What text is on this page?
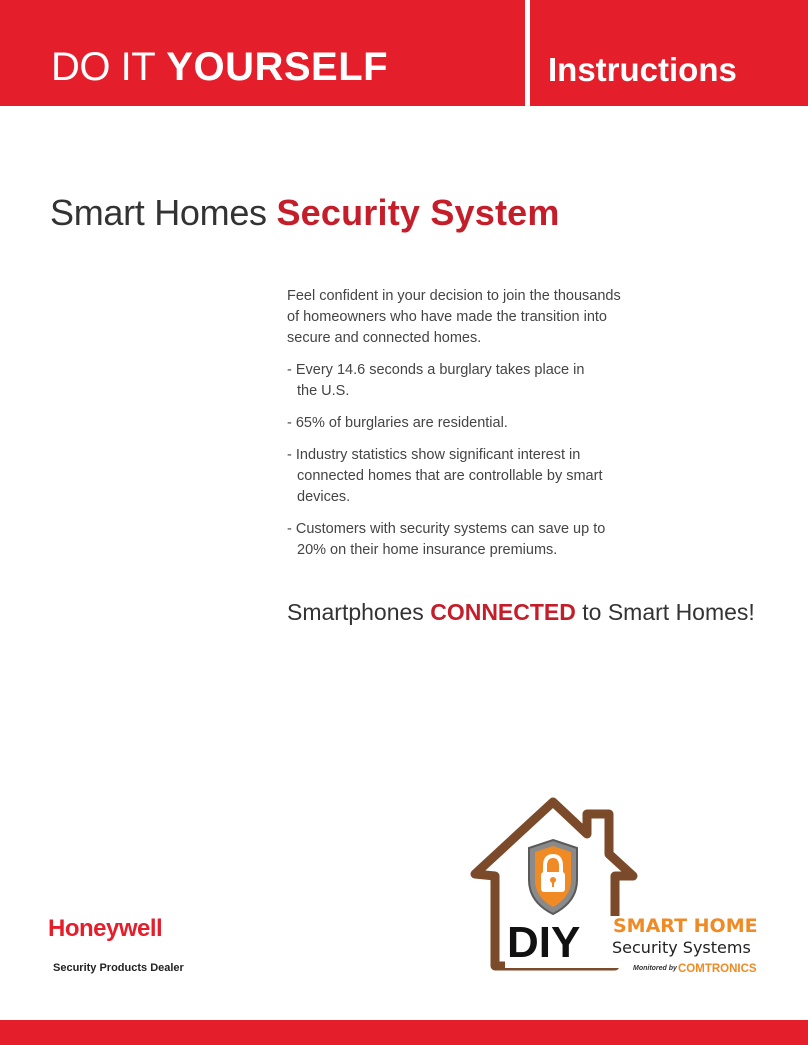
DO IT YOURSELF	Instructions
Smart Homes Security System

Feel confident in your decision to join the thousands of homeowners who have made the transition into secure and connected homes.

- Every 14.6 seconds a burglary takes place in the U.S.
- 65% of burglaries are residential.
- Industry statistics show significant interest in connected homes that are controllable by smart devices.
- Customers with security systems can save up to 20% on their home insurance premiums.
Smartphones CONNECTED to Smart Homes!
Honeywell
Security Products Dealer
DIY SMART HOME
Security Systems
Monitored by COMTRONICS
